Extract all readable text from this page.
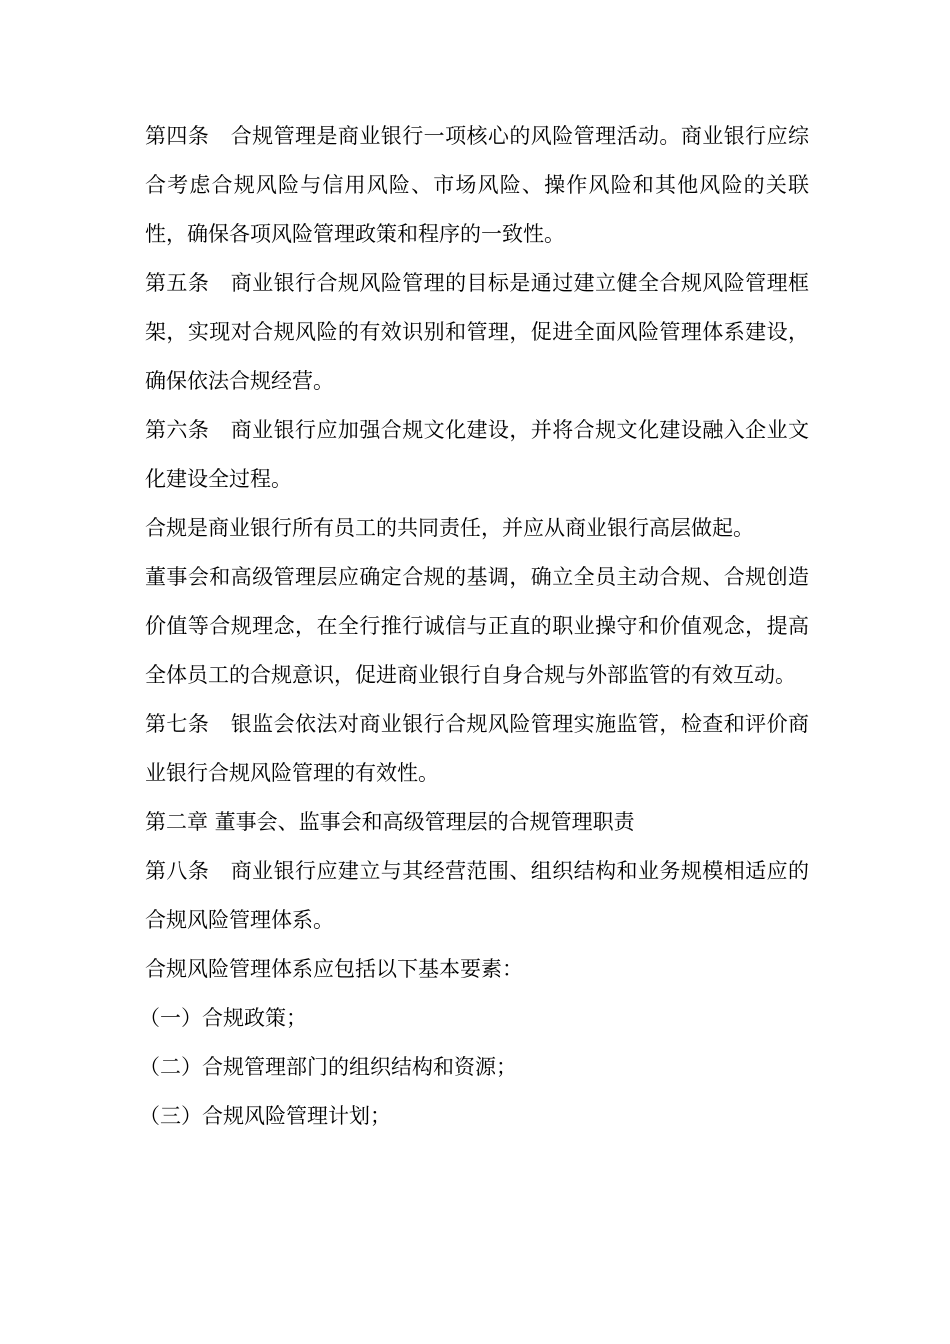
第四条　合规管理是商业银行一项核心的风险管理活动。商业银行应综合考虑合规风险与信用风险、市场风险、操作风险和其他风险的关联性，确保各项风险管理政策和程序的一致性。

第五条　商业银行合规风险管理的目标是通过建立健全合规风险管理框架，实现对合规风险的有效识别和管理，促进全面风险管理体系建设，确保依法合规经营。

第六条　商业银行应加强合规文化建设，并将合规文化建设融入企业文化建设全过程。

合规是商业银行所有员工的共同责任，并应从商业银行高层做起。

董事会和高级管理层应确定合规的基调，确立全员主动合规、合规创造价值等合规理念，在全行推行诚信与正直的职业操守和价值观念，提高全体员工的合规意识，促进商业银行自身合规与外部监管的有效互动。

第七条　银监会依法对商业银行合规风险管理实施监管，检查和评价商业银行合规风险管理的有效性。

第二章 董事会、监事会和高级管理层的合规管理职责

第八条　商业银行应建立与其经营范围、组织结构和业务规模相适应的合规风险管理体系。

合规风险管理体系应包括以下基本要素：

（一）合规政策；

（二）合规管理部门的组织结构和资源；

（三）合规风险管理计划；
